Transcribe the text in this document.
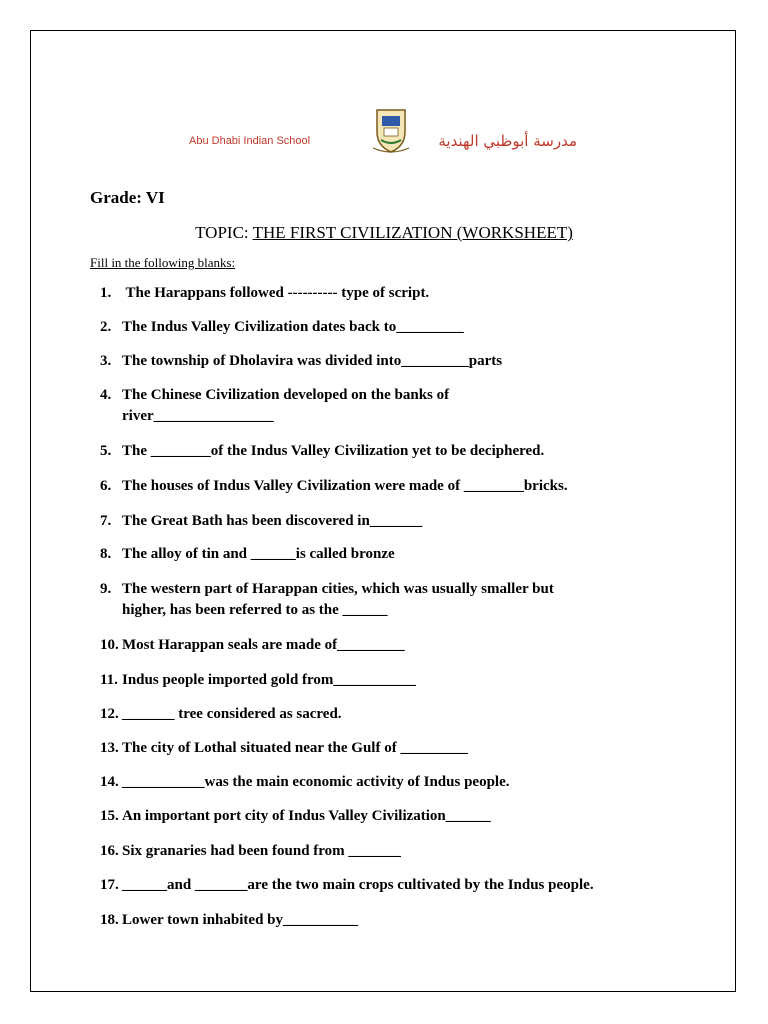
Abu Dhabi Indian School	مدرسة أبوظبي الهندية
Grade: VI
TOPIC: THE FIRST CIVILIZATION (WORKSHEET)
Fill in the following blanks:
1. The Harappans followed ---------- type of script.
2. The Indus Valley Civilization dates back to_________
3. The township of Dholavira was divided into_________parts
4. The Chinese Civilization developed on the banks of
river________________
5. The ________of the Indus Valley Civilization yet to be deciphered.
6. The houses of Indus Valley Civilization were made of ________bricks.
7. The Great Bath has been discovered in_______
8. The alloy of tin and ______is called bronze
9. The western part of Harappan cities, which was usually smaller but
higher, has been referred to as the ______
10. Most Harappan seals are made of_________
11. Indus people imported gold from___________
12. _______ tree considered as sacred.
13. The city of Lothal situated near the Gulf of _________
14. ___________was the main economic activity of Indus people.
15. An important port city of Indus Valley Civilization______
16. Six granaries had been found from _______
17. ______and _______are the two main crops cultivated by the Indus people.
18. Lower town inhabited by__________
